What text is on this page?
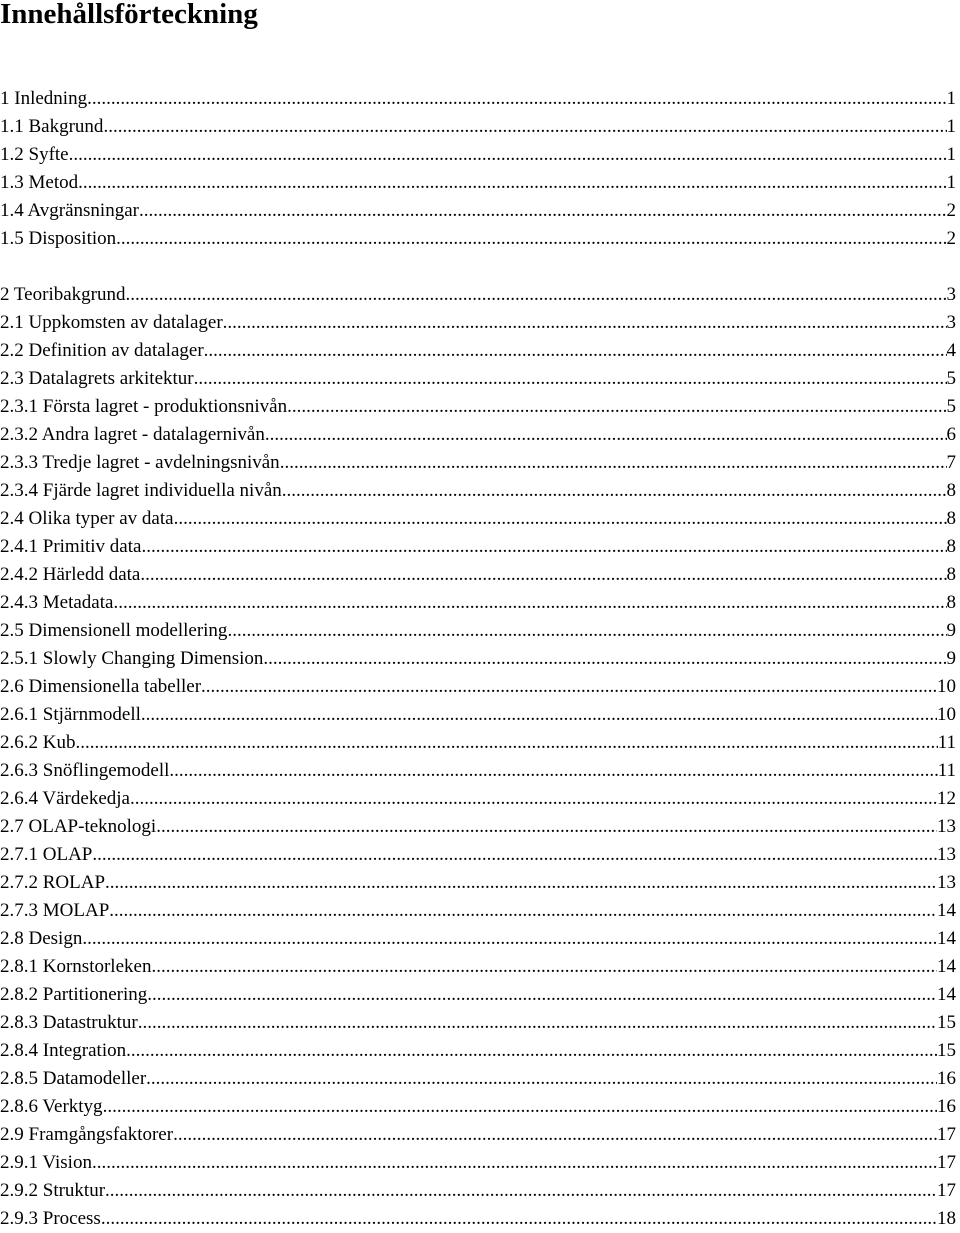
Innehållsförteckning
1 Inledning .....	1
1.1 Bakgrund .....	1
1.2 Syfte .....	1
1.3 Metod .....	1
1.4 Avgränsningar .....	2
1.5 Disposition .....	2
2 Teoribakgrund .....	3
2.1 Uppkomsten av datalager .....	3
2.2 Definition av datalager .....	4
2.3 Datalagrets arkitektur .....	5
2.3.1 Första lagret - produktionsnivån .....	5
2.3.2 Andra lagret - datalagernivån .....	6
2.3.3 Tredje lagret - avdelningsnivån .....	7
2.3.4 Fjärde lagret individuella nivån .....	8
2.4 Olika typer av data .....	8
2.4.1 Primitiv data .....	8
2.4.2 Härledd data .....	8
2.4.3 Metadata .....	8
2.5 Dimensionell modellering .....	9
2.5.1 Slowly Changing Dimension .....	9
2.6 Dimensionella tabeller .....	10
2.6.1 Stjärnmodell .....	10
2.6.2 Kub .....	11
2.6.3 Snöflingemodell .....	11
2.6.4 Värdekedja .....	12
2.7 OLAP-teknologi .....	13
2.7.1 OLAP .....	13
2.7.2 ROLAP .....	13
2.7.3 MOLAP .....	14
2.8 Design .....	14
2.8.1 Kornstorleken .....	14
2.8.2 Partitionering .....	14
2.8.3 Datastruktur .....	15
2.8.4 Integration .....	15
2.8.5 Datamodeller .....	16
2.8.6 Verktyg .....	16
2.9 Framgångsfaktorer .....	17
2.9.1 Vision .....	17
2.9.2 Struktur .....	17
2.9.3 Process .....	18
